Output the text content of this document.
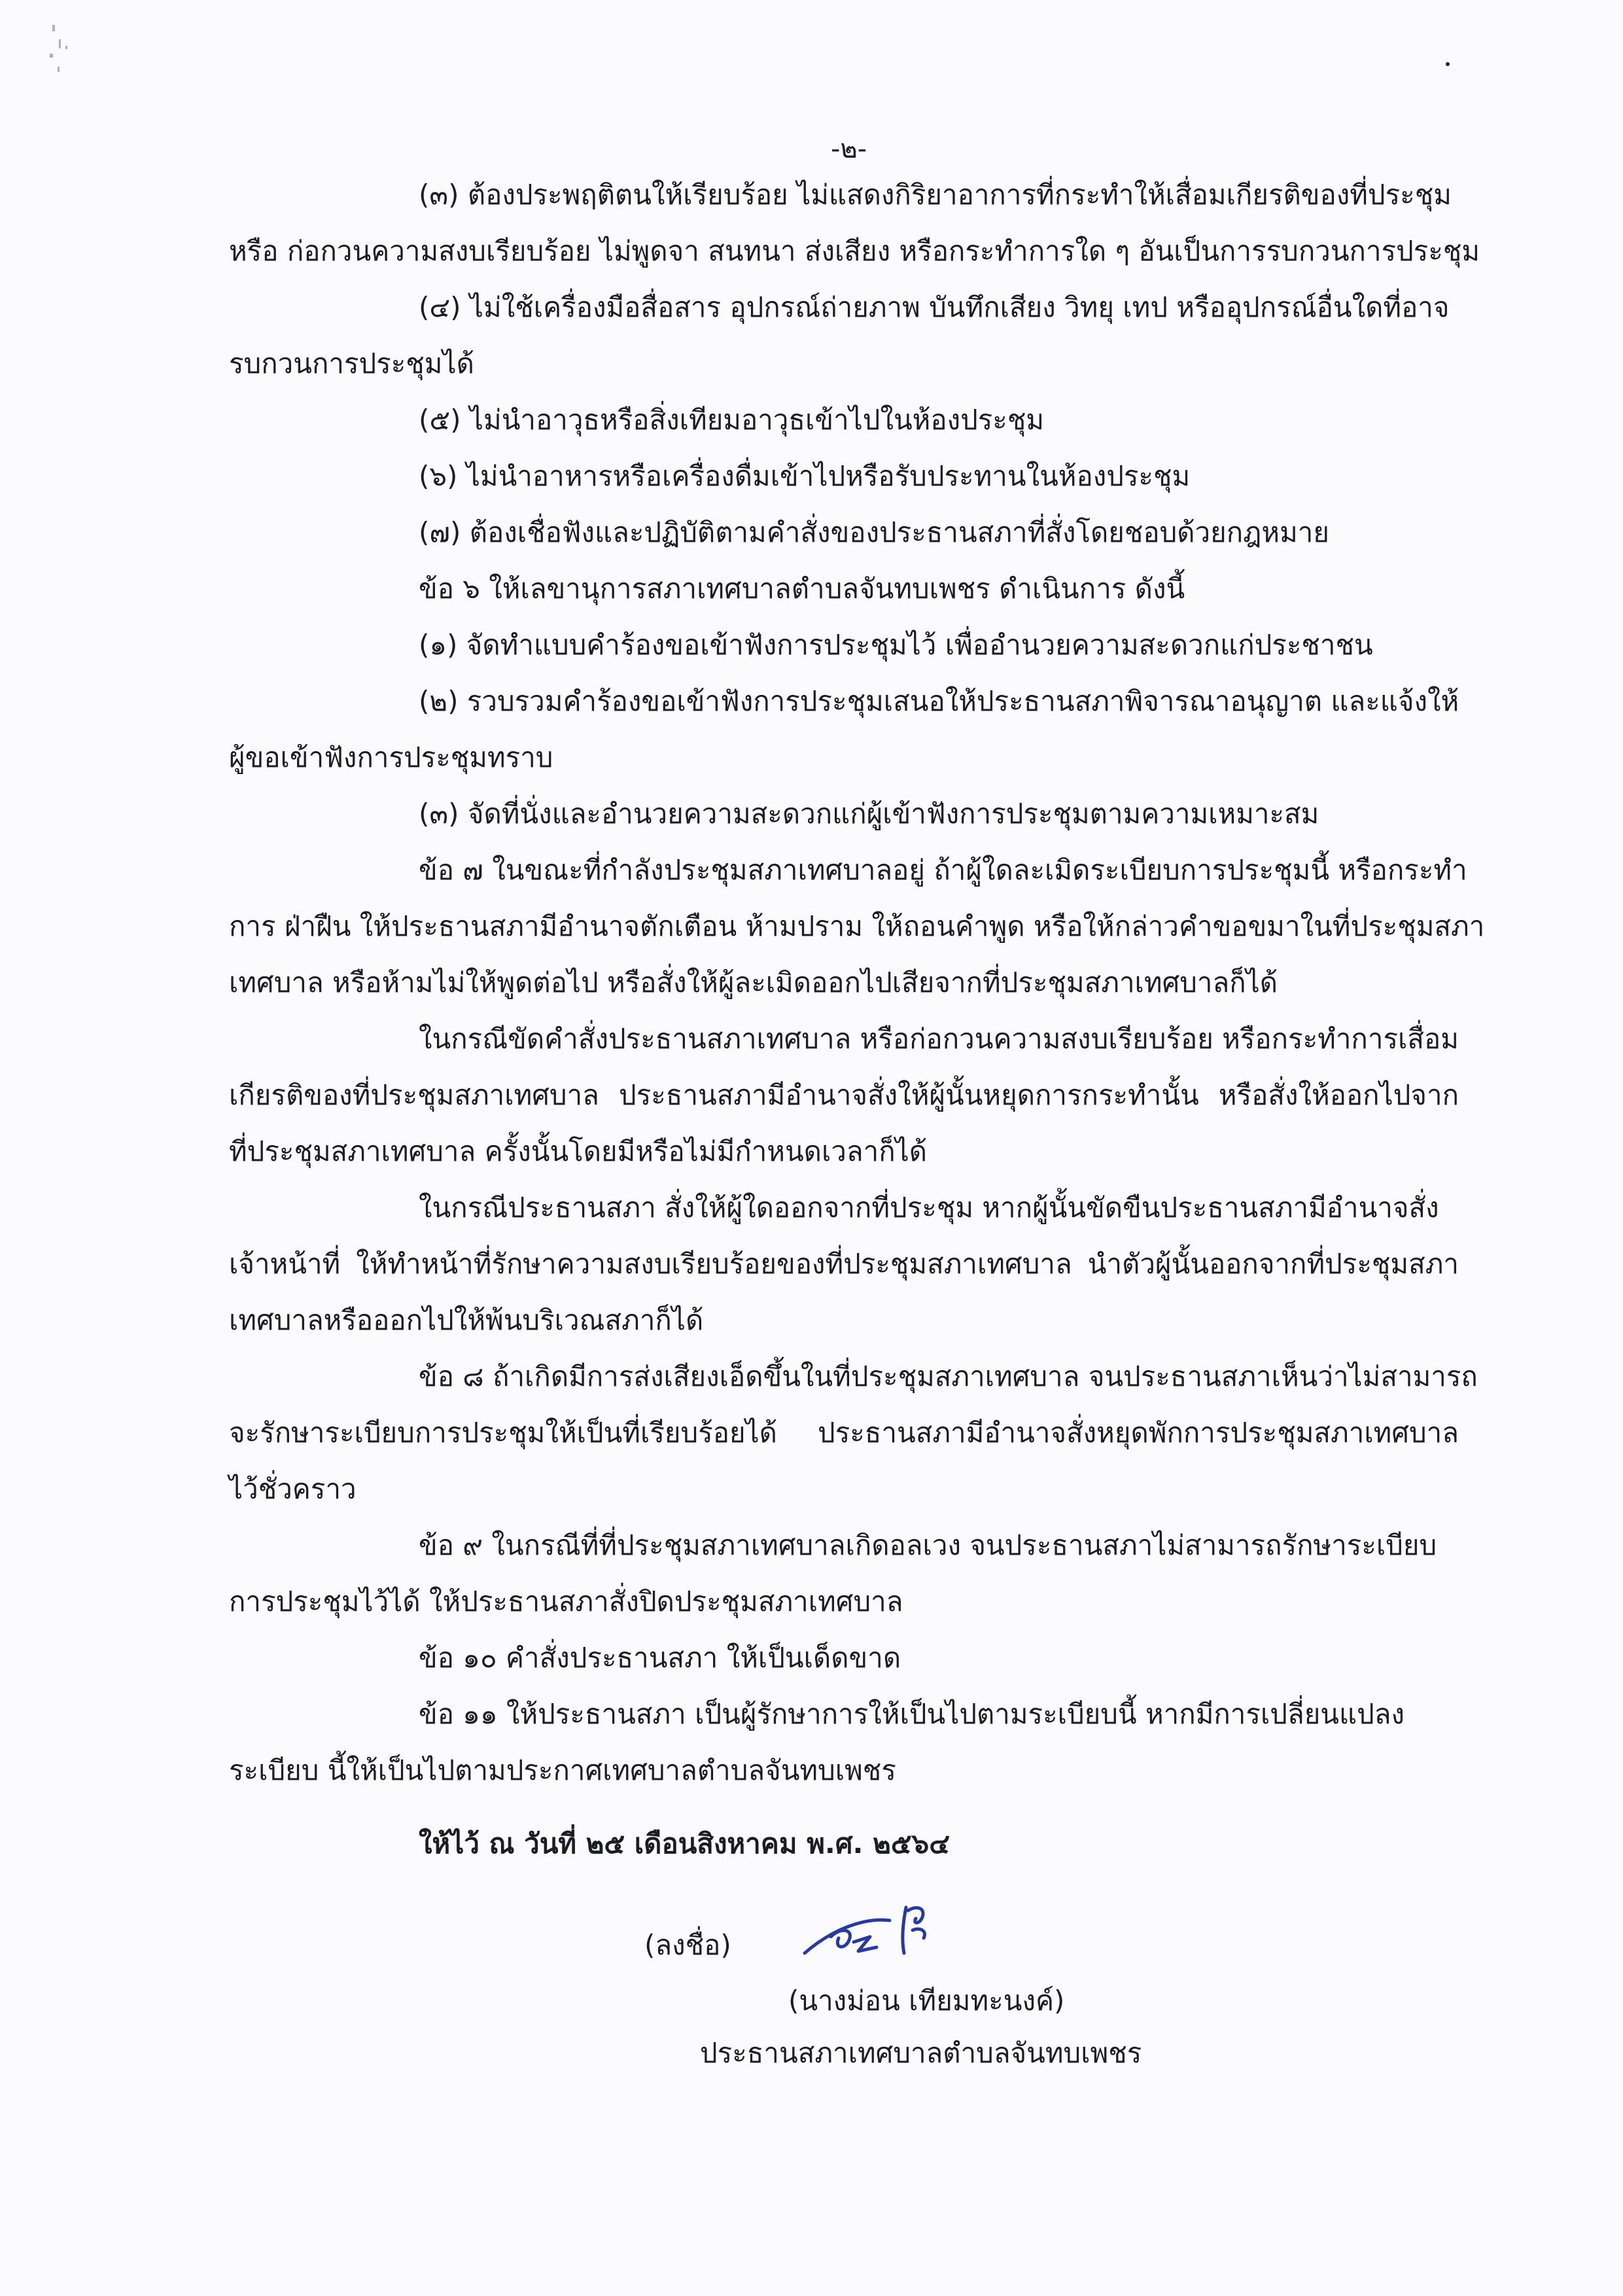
-๒-
(๓) ต้องประพฤติตนให้เรียบร้อย ไม่แสดงกิริยาอาการที่กระทำให้เสื่อมเกียรติของที่ประชุม
หรือ ก่อกวนความสงบเรียบร้อย ไม่พูดจา สนทนา ส่งเสียง หรือกระทำการใด ๆ อันเป็นการรบกวนการประชุม
(๔) ไม่ใช้เครื่องมือสื่อสาร อุปกรณ์ถ่ายภาพ บันทึกเสียง วิทยุ เทป หรืออุปกรณ์อื่นใดที่อาจ
รบกวนการประชุมได้
(๕) ไม่นำอาวุธหรือสิ่งเทียมอาวุธเข้าไปในห้องประชุม
(๖) ไม่นำอาหารหรือเครื่องดื่มเข้าไปหรือรับประทานในห้องประชุม
(๗) ต้องเชื่อฟังและปฏิบัติตามคำสั่งของประธานสภาที่สั่งโดยชอบด้วยกฎหมาย
ข้อ ๖ ให้เลขานุการสภาเทศบาลตำบลจันทบเพชร ดำเนินการ ดังนี้
(๑) จัดทำแบบคำร้องขอเข้าฟังการประชุมไว้ เพื่ออำนวยความสะดวกแก่ประชาชน
(๒) รวบรวมคำร้องขอเข้าฟังการประชุมเสนอให้ประธานสภาพิจารณาอนุญาต และแจ้งให้
ผู้ขอเข้าฟังการประชุมทราบ
(๓) จัดที่นั่งและอำนวยความสะดวกแก่ผู้เข้าฟังการประชุมตามความเหมาะสม
ข้อ ๗ ในขณะที่กำลังประชุมสภาเทศบาลอยู่ ถ้าผู้ใดละเมิดระเบียบการประชุมนี้ หรือกระทำ
การ ฝ่าฝืน ให้ประธานสภามีอำนาจตักเตือน ห้ามปราม ให้ถอนคำพูด หรือให้กล่าวคำขอขมาในที่ประชุมสภา
เทศบาล หรือห้ามไม่ให้พูดต่อไป หรือสั่งให้ผู้ละเมิดออกไปเสียจากที่ประชุมสภาเทศบาลก็ได้
ในกรณีขัดคำสั่งประธานสภาเทศบาล หรือก่อกวนความสงบเรียบร้อย หรือกระทำการเสื่อม
เกียรติของที่ประชุมสภาเทศบาล ประธานสภามีอำนาจสั่งให้ผู้นั้นหยุดการกระทำนั้น หรือสั่งให้ออกไปจาก
ที่ประชุมสภาเทศบาล ครั้งนั้นโดยมีหรือไม่มีกำหนดเวลาก็ได้
ในกรณีประธานสภา สั่งให้ผู้ใดออกจากที่ประชุม หากผู้นั้นขัดขืนประธานสภามีอำนาจสั่ง
เจ้าหน้าที่ ให้ทำหน้าที่รักษาความสงบเรียบร้อยของที่ประชุมสภาเทศบาล นำตัวผู้นั้นออกจากที่ประชุมสภา
เทศบาลหรือออกไปให้พ้นบริเวณสภาก็ได้
ข้อ ๘ ถ้าเกิดมีการส่งเสียงเอ็ดขึ้นในที่ประชุมสภาเทศบาล จนประธานสภาเห็นว่าไม่สามารถ
จะรักษาระเบียบการประชุมให้เป็นที่เรียบร้อยได้ ประธานสภามีอำนาจสั่งหยุดพักการประชุมสภาเทศบาล
ไว้ชั่วคราว
ข้อ ๙ ในกรณีที่ที่ประชุมสภาเทศบาลเกิดอลเวง จนประธานสภาไม่สามารถรักษาระเบียบ
การประชุมไว้ได้ ให้ประธานสภาสั่งปิดประชุมสภาเทศบาล
ข้อ ๑๐ คำสั่งประธานสภา ให้เป็นเด็ดขาด
ข้อ ๑๑ ให้ประธานสภา เป็นผู้รักษาการให้เป็นไปตามระเบียบนี้ หากมีการเปลี่ยนแปลง
ระเบียบ นี้ให้เป็นไปตามประกาศเทศบาลตำบลจันทบเพชร
ให้ไว้ ณ วันที่ ๒๕ เดือนสิงหาคม พ.ศ. ๒๕๖๔
(ลงชื่อ)
(นางม่อน เทียมทะนงค์)
ประธานสภาเทศบาลตำบลจันทบเพชร
